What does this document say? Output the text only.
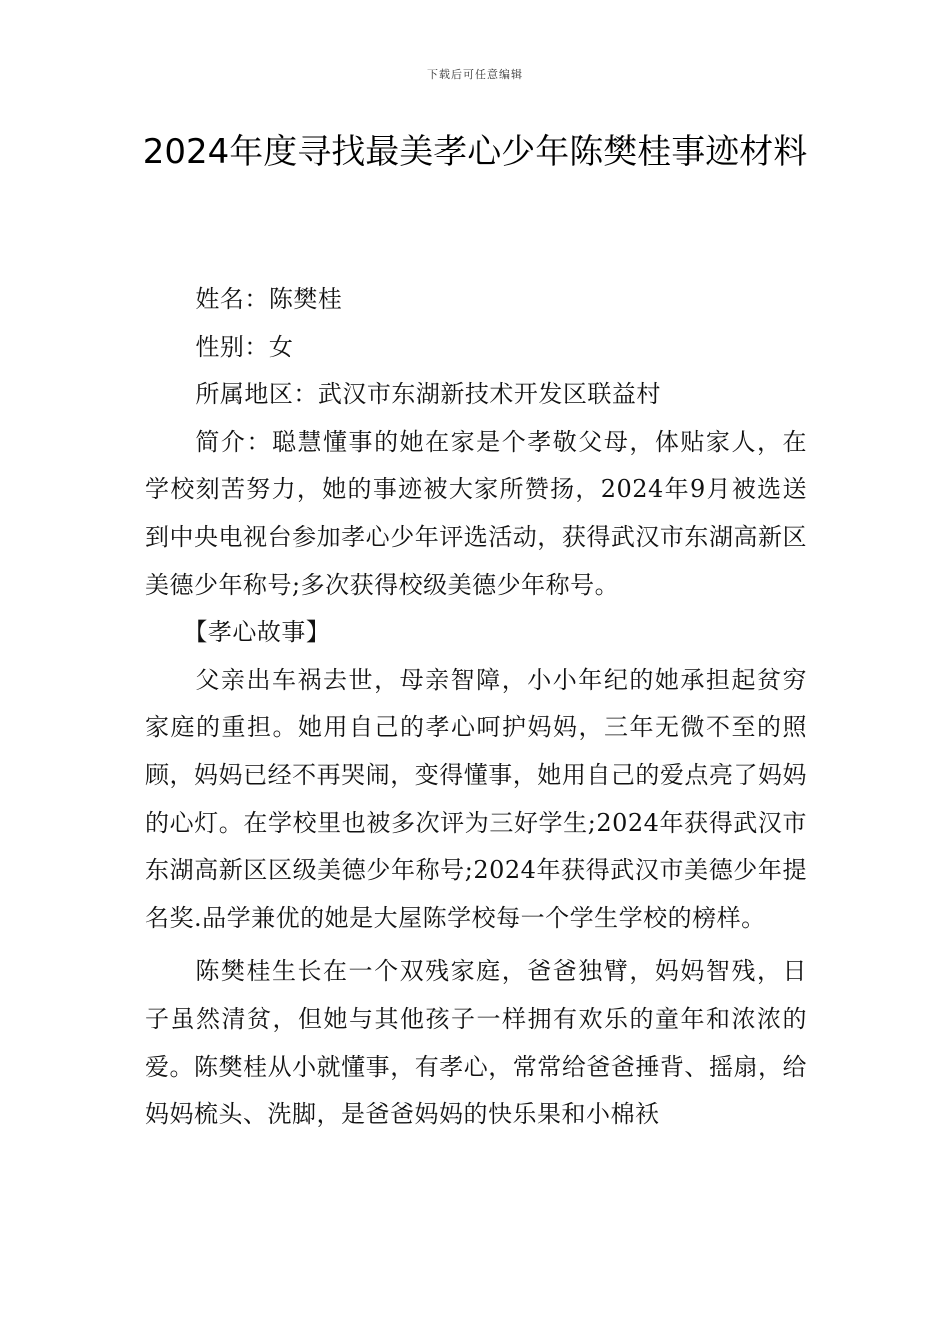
下载后可任意编辑
2024年度寻找最美孝心少年陈樊桂事迹材料

姓名：陈樊桂

性别：女

所属地区：武汉市东湖新技术开发区联益村

简介：聪慧懂事的她在家是个孝敬父母，体贴家人，在学校刻苦努力，她的事迹被大家所赞扬，2024年9月被选送到中央电视台参加孝心少年评选活动，获得武汉市东湖高新区美德少年称号;多次获得校级美德少年称号。

【孝心故事】

父亲出车祸去世，母亲智障，小小年纪的她承担起贫穷家庭的重担。她用自己的孝心呵护妈妈，三年无微不至的照顾，妈妈已经不再哭闹，变得懂事，她用自己的爱点亮了妈妈的心灯。在学校里也被多次评为三好学生;2024年获得武汉市东湖高新区区级美德少年称号;2024年获得武汉市美德少年提名奖.品学兼优的她是大屋陈学校每一个学生学校的榜样。

陈樊桂生长在一个双残家庭，爸爸独臂，妈妈智残，日子虽然清贫，但她与其他孩子一样拥有欢乐的童年和浓浓的爱。陈樊桂从小就懂事，有孝心，常常给爸爸捶背、摇扇，给妈妈梳头、洗脚，是爸爸妈妈的快乐果和小棉袄
